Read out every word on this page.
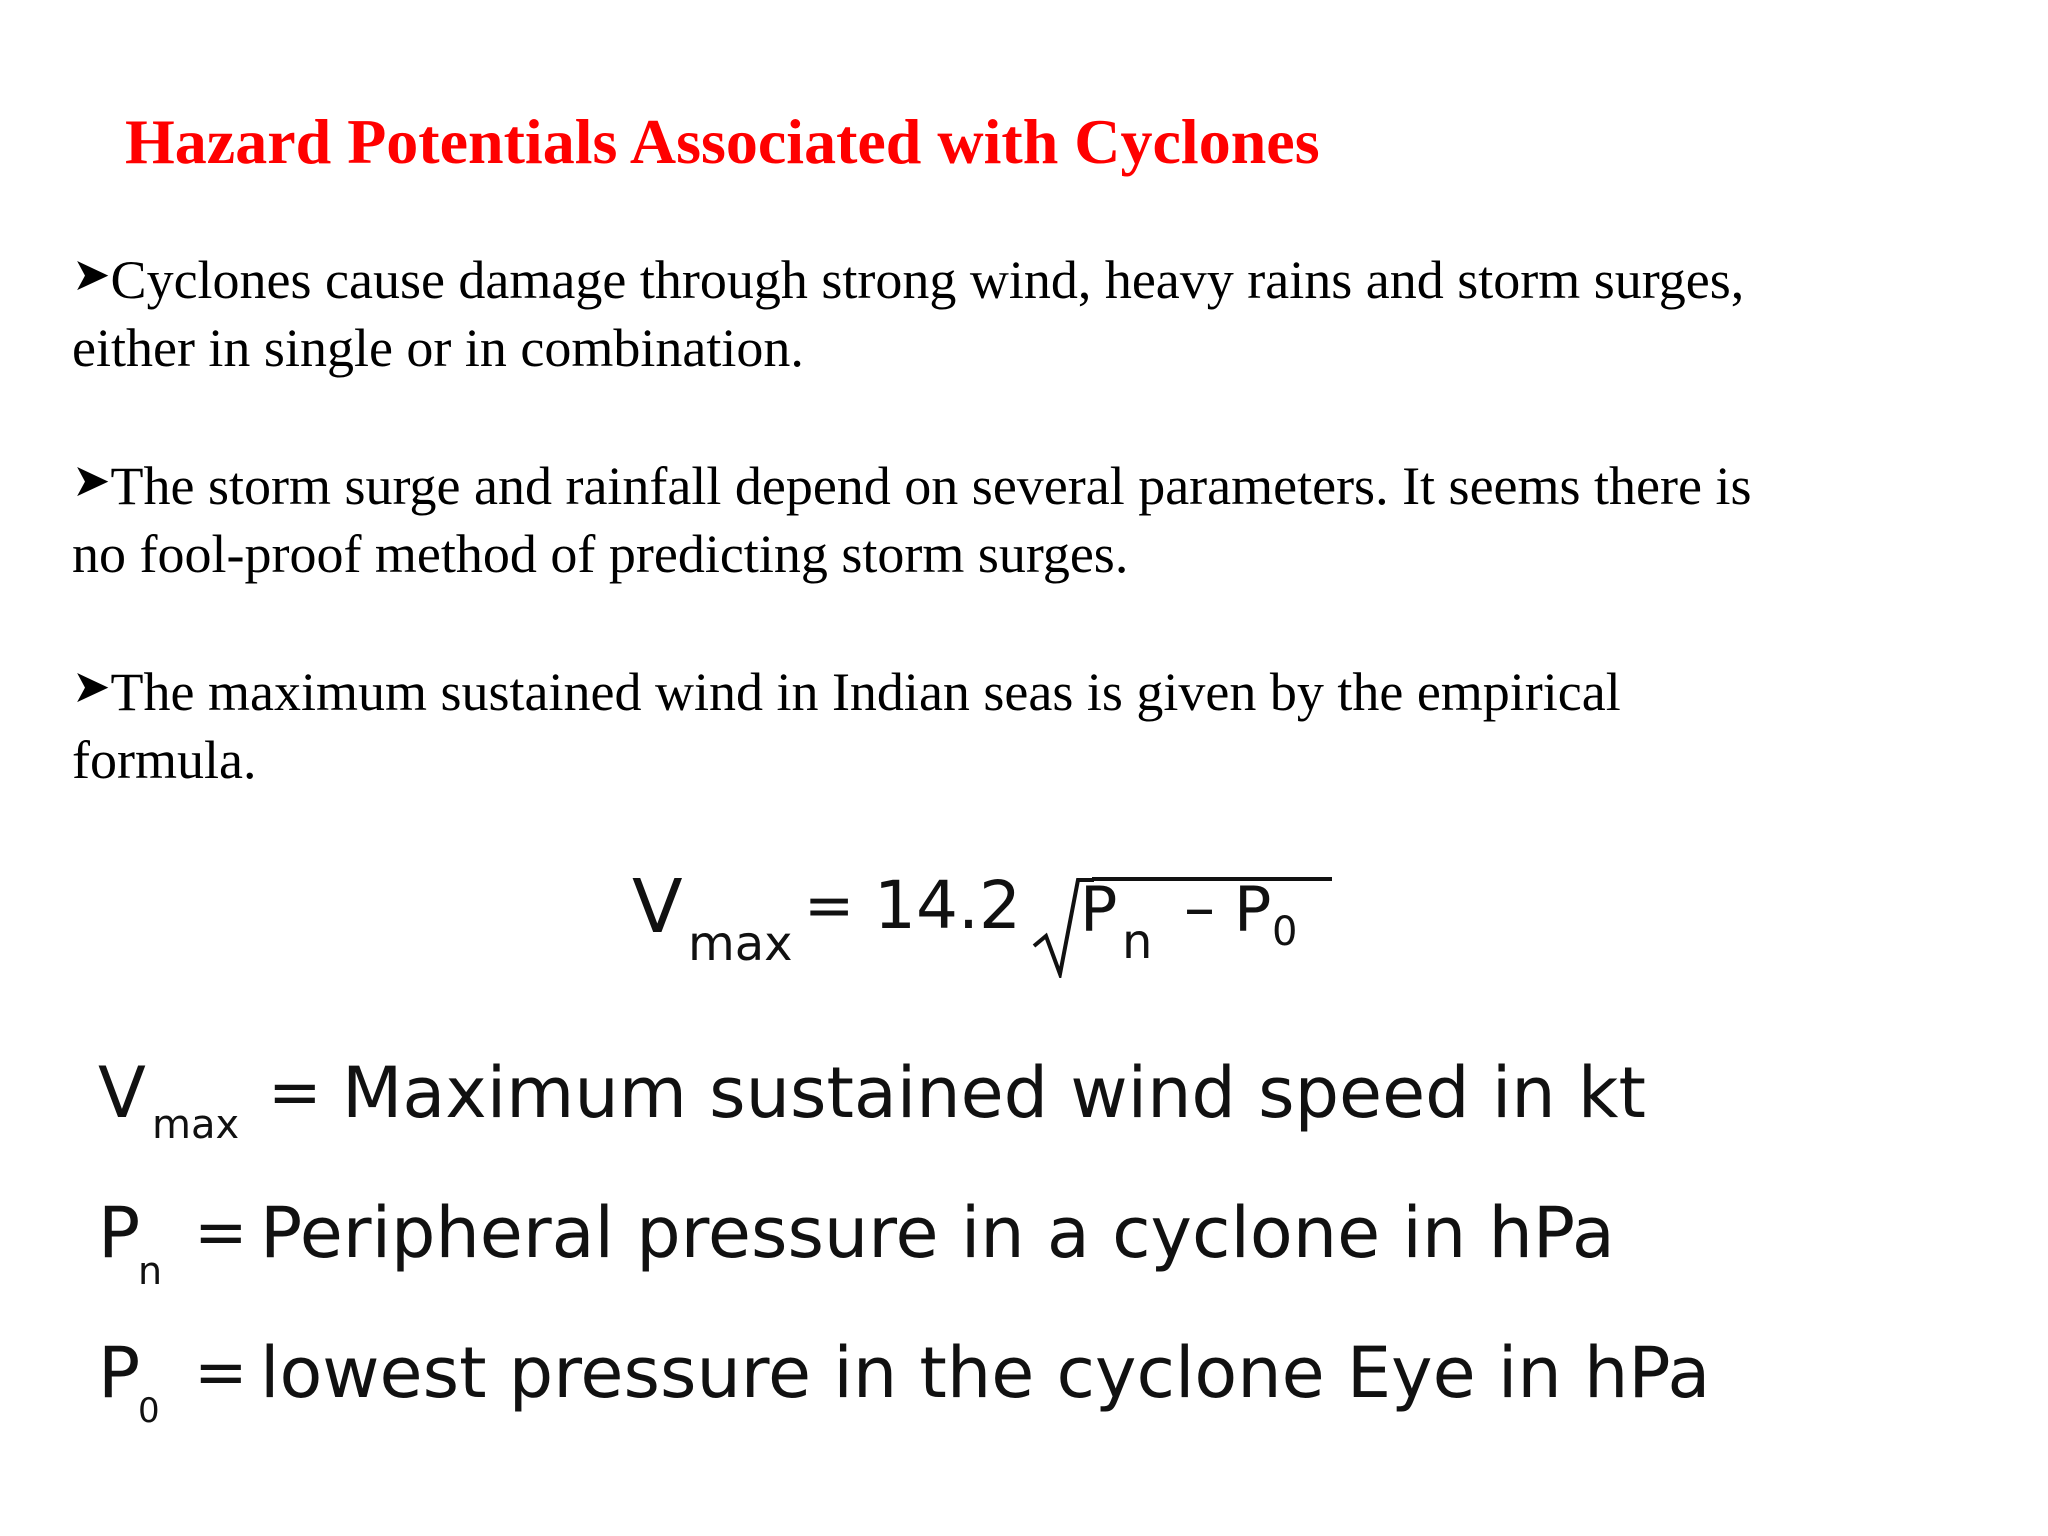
Hazard Potentials Associated with Cyclones
➤Cyclones cause damage through strong wind, heavy rains and storm surges,
either in single or in combination.
➤The storm surge and rainfall depend on several parameters. It seems there is
no fool-proof method of predicting storm surges.
➤The maximum sustained wind in Indian seas is given by the empirical
formula.
V max
= 14.2 P n – P 0
V max = Maximum sustained wind speed in kt
P
n
= Peripheral pressure in a cyclone in hPa
P
0
= lowest pressure in the cyclone Eye in hPa
